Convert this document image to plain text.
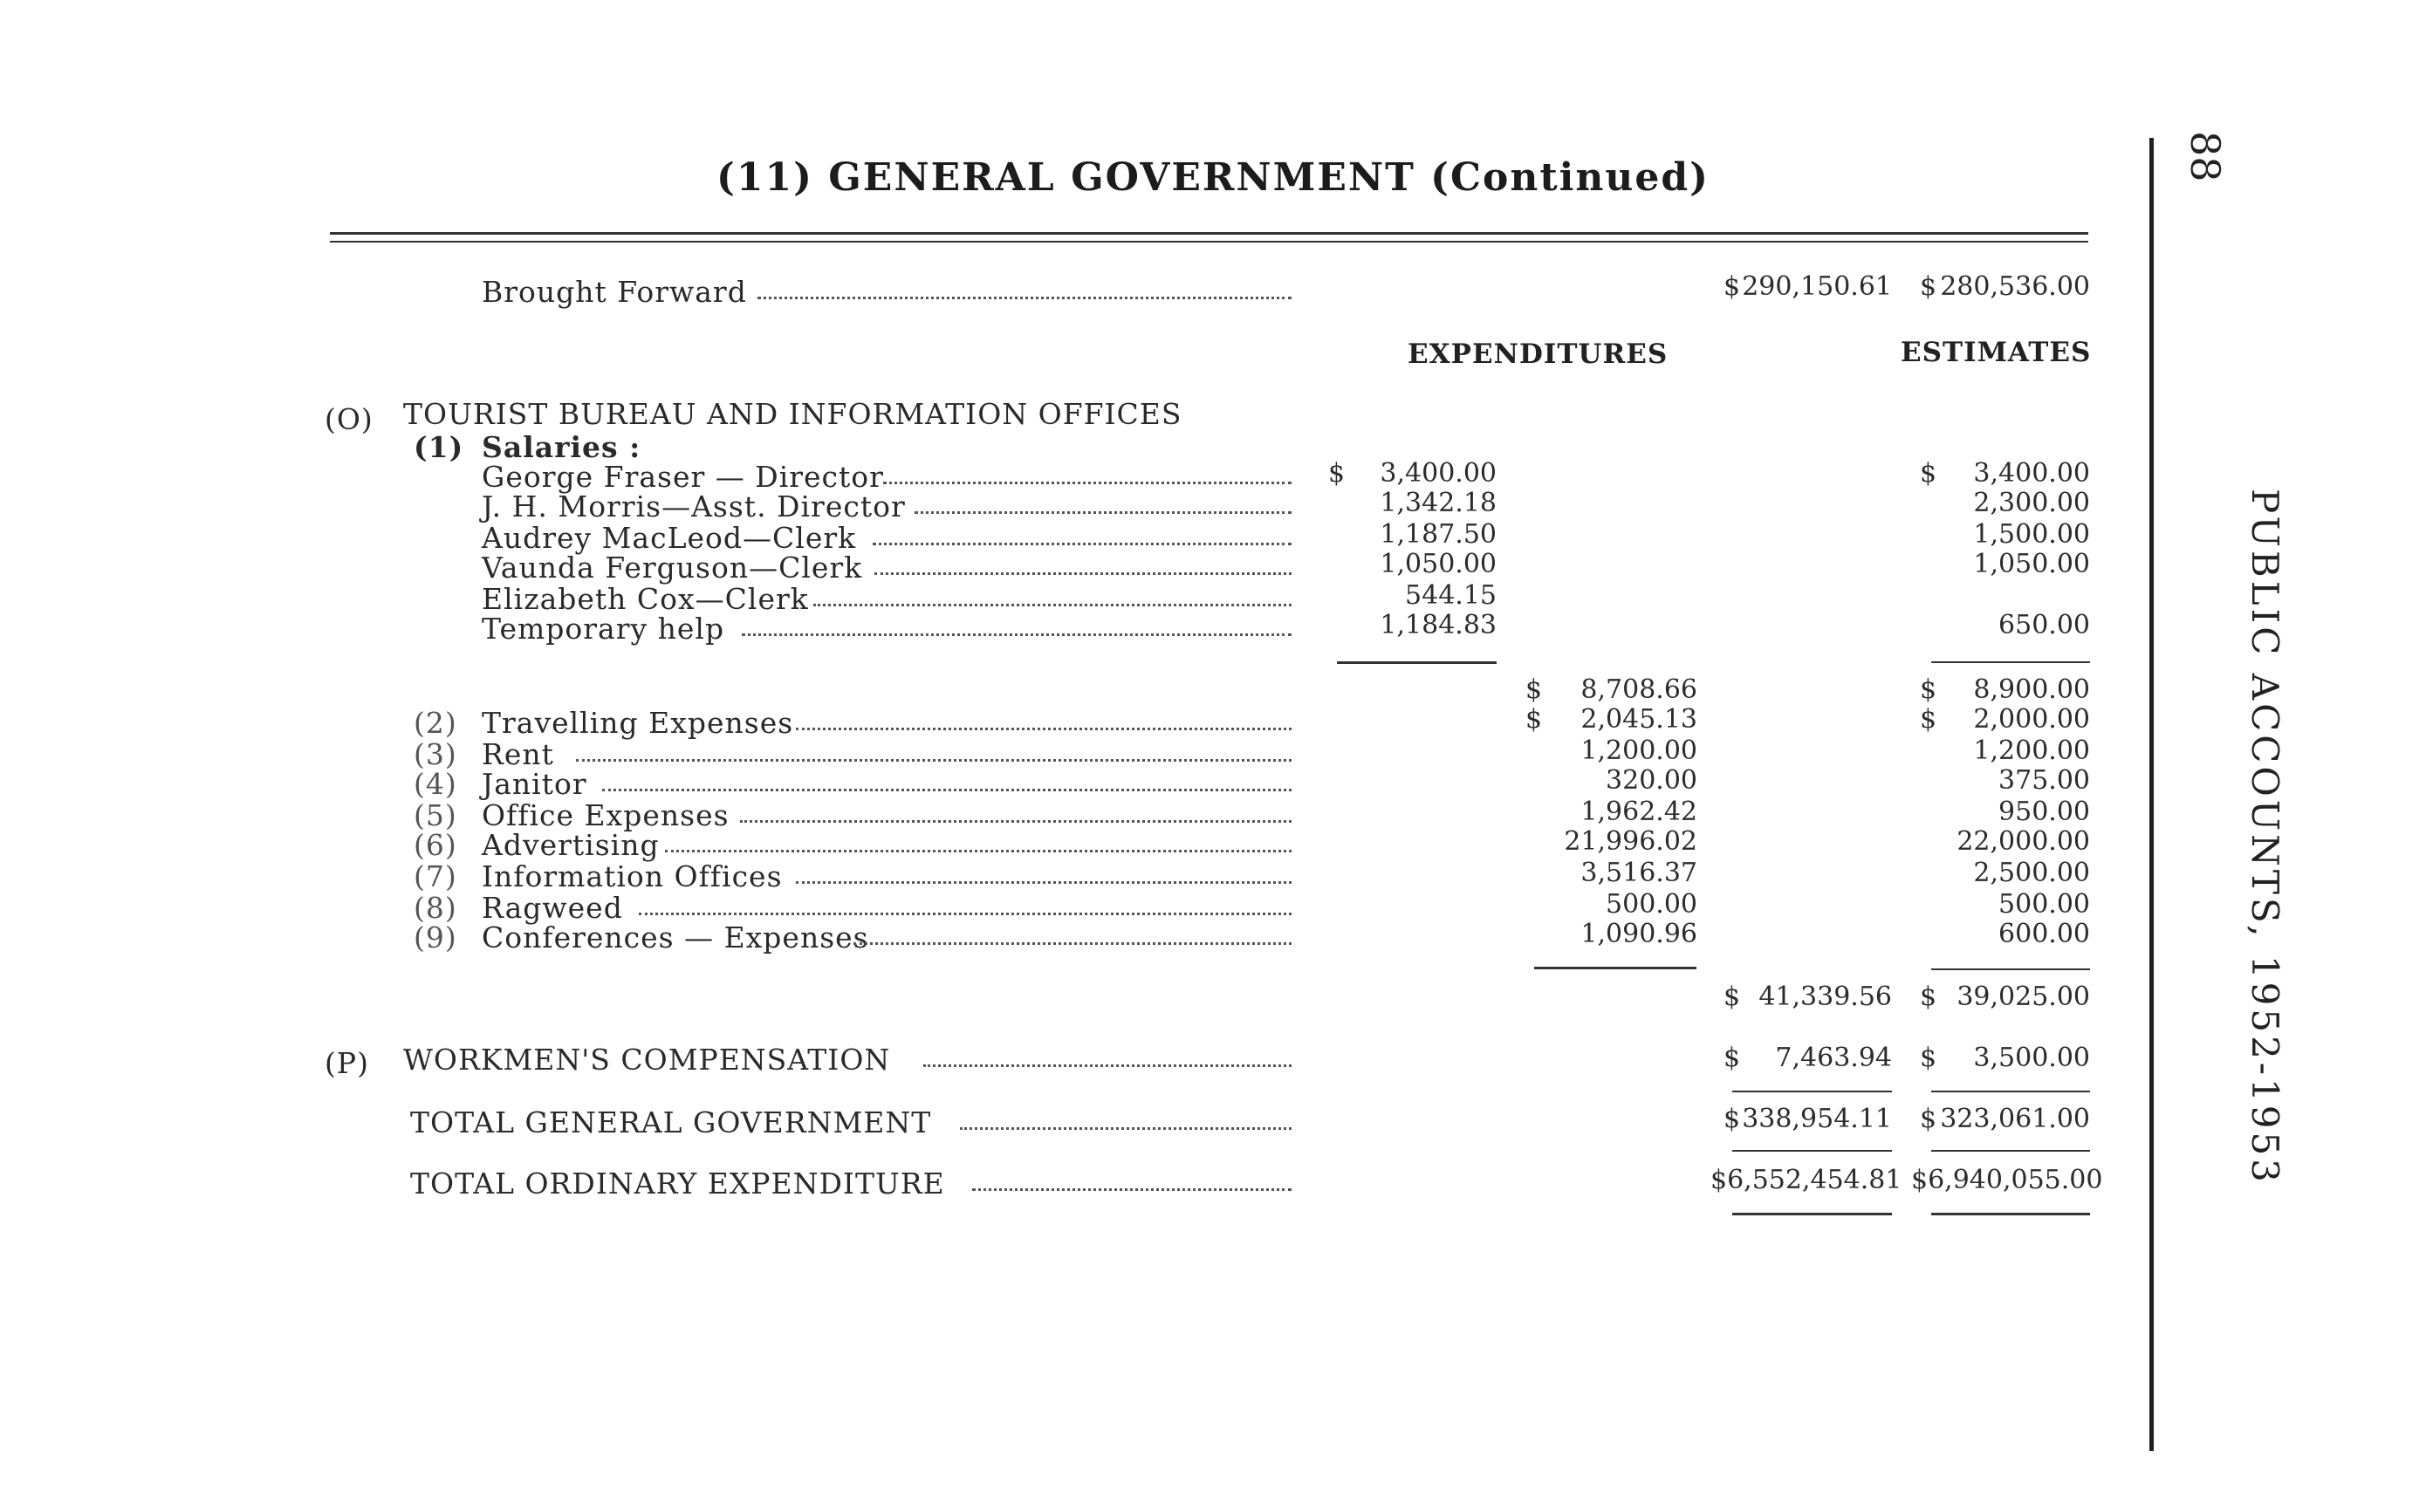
(11) GENERAL GOVERNMENT (Continued)	88
PUBLIC ACCOUNTS, 1952-1953
Brought Forward	$ 290,150.61 $ 280,536.00
EXPENDITURES	ESTIMATES
(O) TOURIST BUREAU AND INFORMATION OFFICES
(1) Salaries :
George Fraser — Director	$	3,400.00	$	3,400.00
J. H. Morris—Asst. Director	1,342.18	2,300.00
Audrey MacLeod—Clerk	1,187.50	1,500.00
Vaunda Ferguson—Clerk	1,050.00	1,050.00
Elizabeth Cox—Clerk	544.15
Temporary help	1,184.83	650.00
$	8,708.66	$	8,900.00
(2) Travelling Expenses	$	2,045.13	$	2,000.00
(3) Rent	1,200.00	1,200.00
(4) Janitor	320.00	375.00
(5) Office Expenses	1,962.42	950.00
(6) Advertising	21,996.02	22,000.00
(7) Information Offices	3,516.37	2,500.00
(8) Ragweed	500.00	500.00
(9) Conferences — Expenses	1,090.96	600.00
$ 41,339.56 $ 39,025.00
(P) WORKMEN'S COMPENSATION	$	7,463.94 $	3,500.00
TOTAL GENERAL GOVERNMENT	$ 338,954.11 $ 323,061.00
TOTAL ORDINARY EXPENDITURE	$6,552,454.81 $6,940,055.00
